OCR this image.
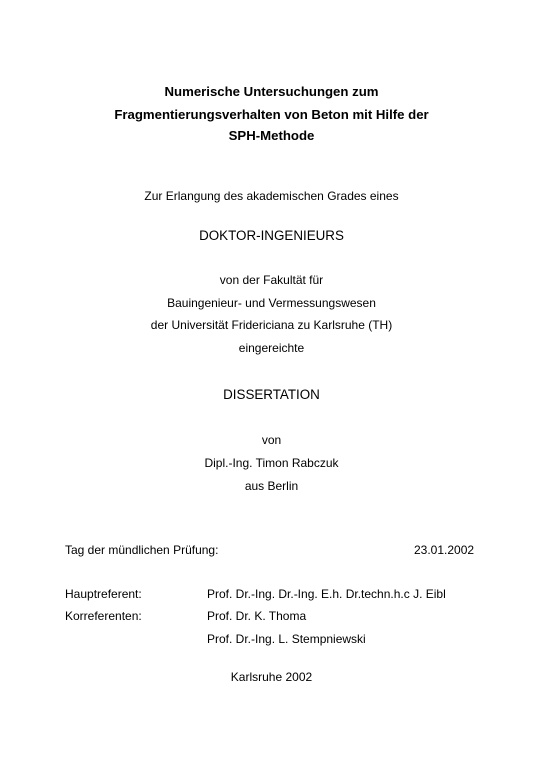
Numerische Untersuchungen zum
Fragmentierungsverhalten von Beton mit Hilfe der
SPH-Methode
Zur Erlangung des akademischen Grades eines
DOKTOR-INGENIEURS
von der Fakultät für
Bauingenieur- und Vermessungswesen
der Universität Fridericiana zu Karlsruhe (TH)
eingereichte
DISSERTATION
von
Dipl.-Ing. Timon Rabczuk
aus Berlin
Tag der mündlichen Prüfung:	23.01.2002
Hauptreferent:	Prof. Dr.-Ing. Dr.-Ing. E.h. Dr.techn.h.c J. Eibl
Korreferenten:	Prof. Dr. K. Thoma
Prof. Dr.-Ing. L. Stempniewski
Karlsruhe 2002
